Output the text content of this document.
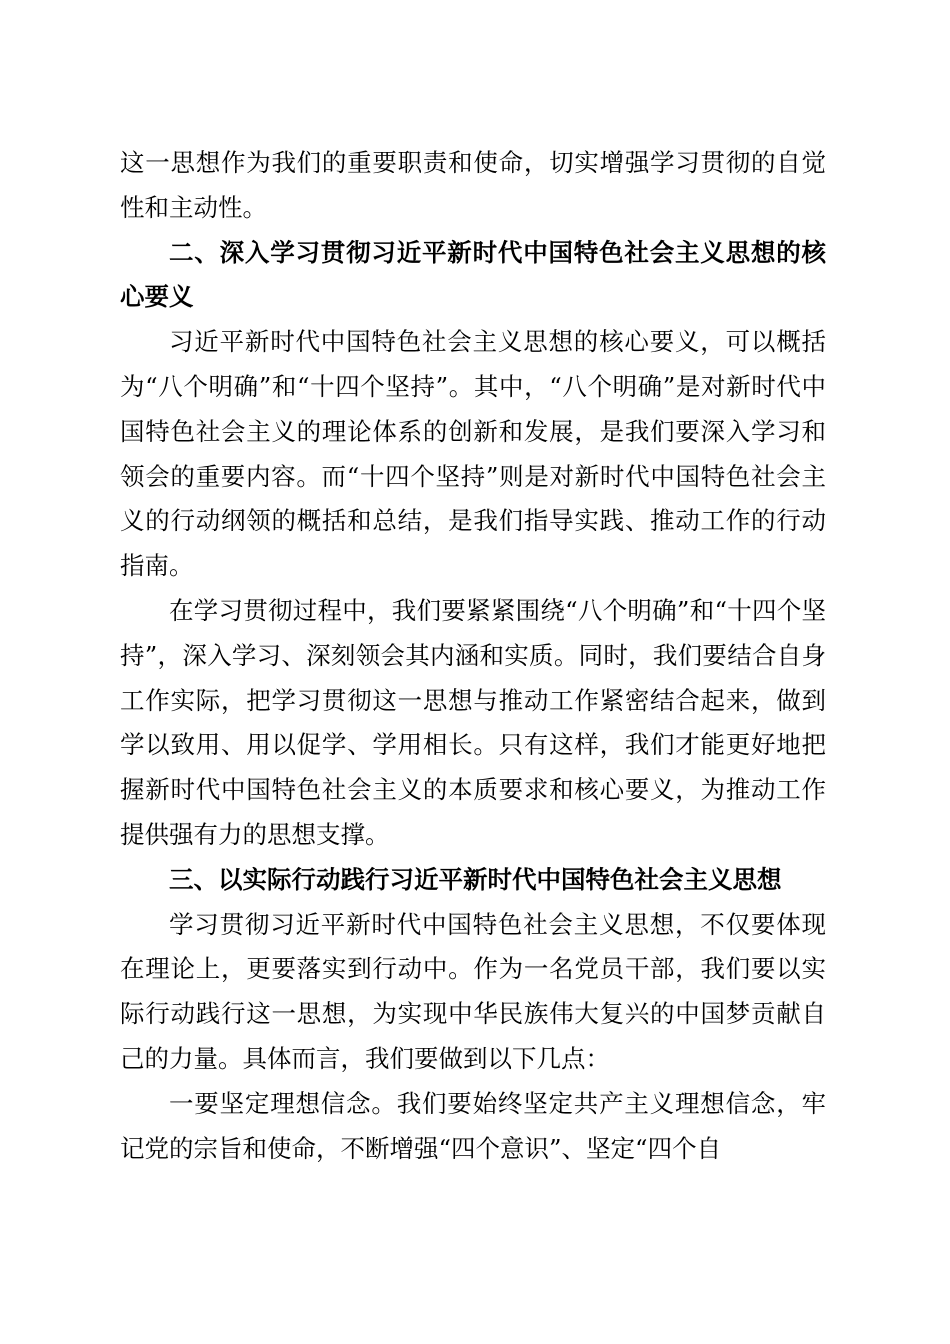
这一思想作为我们的重要职责和使命，切实增强学习贯彻的自觉性和主动性。

二、深入学习贯彻习近平新时代中国特色社会主义思想的核心要义

习近平新时代中国特色社会主义思想的核心要义，可以概括为“八个明确”和“十四个坚持”。其中，“八个明确”是对新时代中国特色社会主义的理论体系的创新和发展，是我们要深入学习和领会的重要内容。而“十四个坚持”则是对新时代中国特色社会主义的行动纲领的概括和总结，是我们指导实践、推动工作的行动指南。

在学习贯彻过程中，我们要紧紧围绕“八个明确”和“十四个坚持”，深入学习、深刻领会其内涵和实质。同时，我们要结合自身工作实际，把学习贯彻这一思想与推动工作紧密结合起来，做到学以致用、用以促学、学用相长。只有这样，我们才能更好地把握新时代中国特色社会主义的本质要求和核心要义，为推动工作提供强有力的思想支撑。

三、以实际行动践行习近平新时代中国特色社会主义思想

学习贯彻习近平新时代中国特色社会主义思想，不仅要体现在理论上，更要落实到行动中。作为一名党员干部，我们要以实际行动践行这一思想，为实现中华民族伟大复兴的中国梦贡献自己的力量。具体而言，我们要做到以下几点：

一要坚定理想信念。我们要始终坚定共产主义理想信念，牢记党的宗旨和使命，不断增强“四个意识”、坚定“四个自
